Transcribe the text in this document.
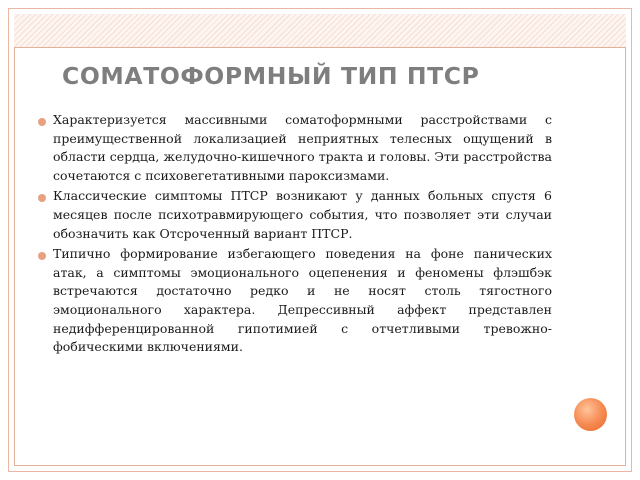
СОМАТОФОРМНЫЙ ТИП ПТСР
Характеризуется массивными соматоформными расстройствами с преимущественной локализацией неприятных телесных ощущений в области сердца, желудочно-кишечного тракта и головы. Эти расстройства сочетаются с психовегетативными пароксизмами.
Классические симптомы ПТСР возникают у данных больных спустя 6 месяцев после психотравмирующего события, что позволяет эти случаи обозначить как Отсроченный вариант ПТСР.
Типично формирование избегающего поведения на фоне панических атак, а симптомы эмоционального оцепенения и феномены флэшбэк встречаются достаточно редко и не носят столь тягостного эмоционального характера. Депрессивный аффект представлен недифференцированной гипотимией с отчетливыми тревожно-фобическими включениями.
